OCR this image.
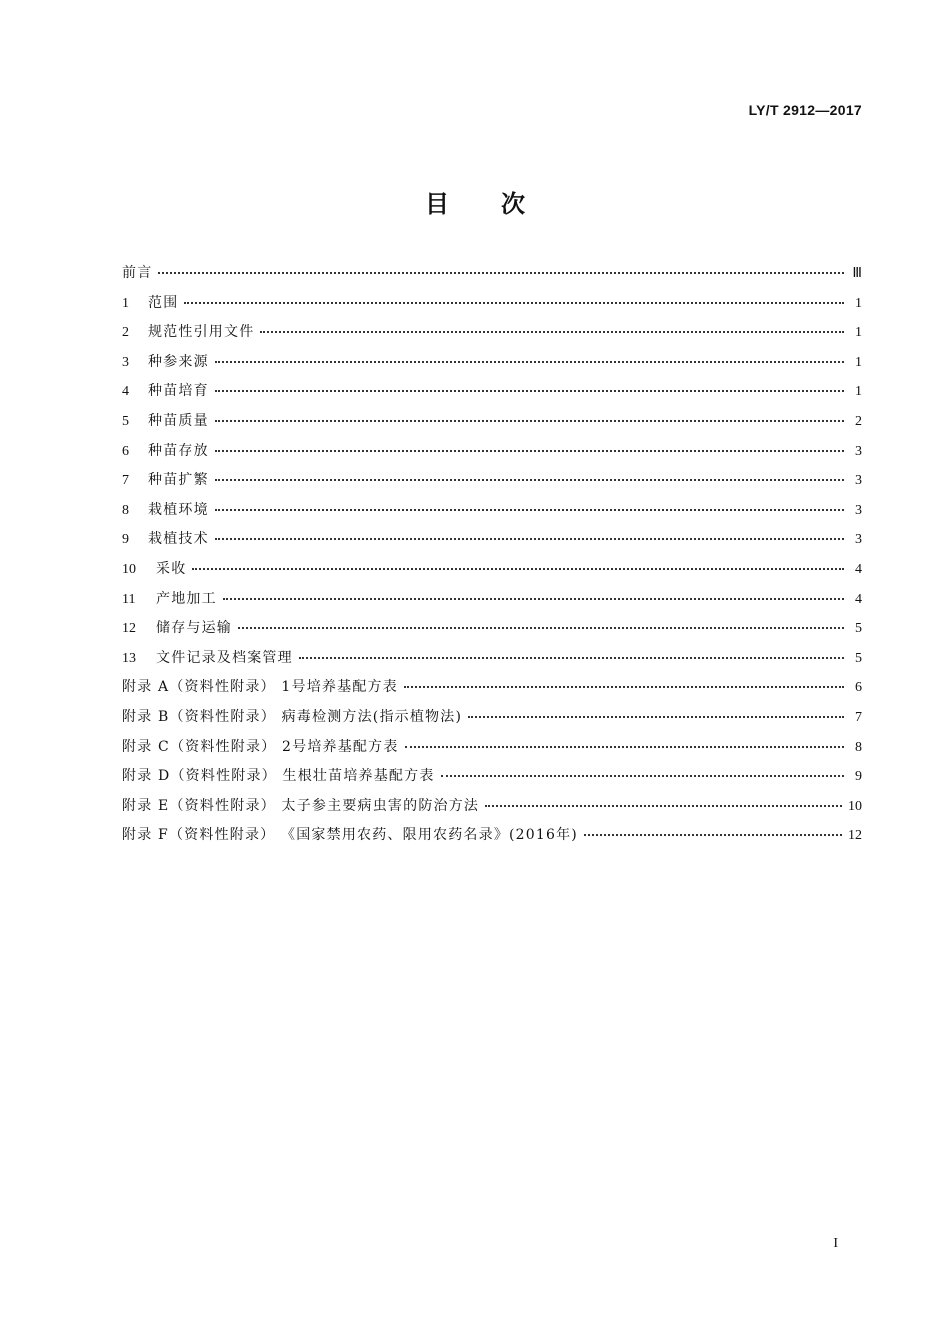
LY/T 2912—2017
目 次
前言	Ⅲ
1	范围	1
2	规范性引用文件	1
3	种参来源	1
4	种苗培育	1
5	种苗质量	2
6	种苗存放	3
7	种苗扩繁	3
8	栽植环境	3
9	栽植技术	3
10	采收	4
11	产地加工	4
12	储存与运输	5
13	文件记录及档案管理	5
附录 A（资料性附录） 1号培养基配方表	6
附录 B（资料性附录） 病毒检测方法(指示植物法)	7
附录 C（资料性附录） 2号培养基配方表	8
附录 D（资料性附录） 生根壮苗培养基配方表	9
附录 E（资料性附录） 太子参主要病虫害的防治方法	10
附录 F（资料性附录） 《国家禁用农药、限用农药名录》(2016年)	12
I
